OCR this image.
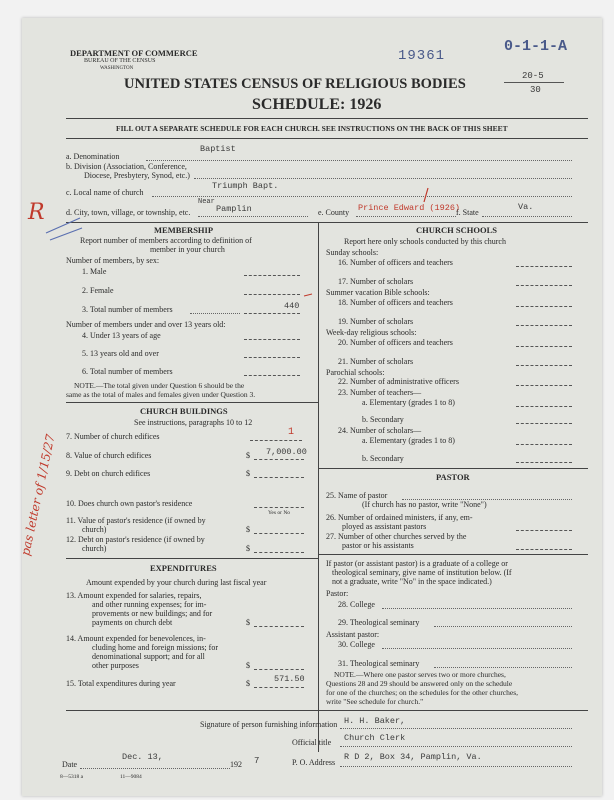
DEPARTMENT OF COMMERCE
BUREAU OF THE CENSUS
WASHINGTON
19361
0-1-1-A
20-5
30
UNITED STATES CENSUS OF RELIGIOUS BODIES
SCHEDULE: 1926
FILL OUT A SEPARATE SCHEDULE FOR EACH CHURCH. SEE INSTRUCTIONS ON THE BACK OF THIS SHEET
Baptist
a. Denomination
b. Division (Association, Conference,
Diocese, Presbytery, Synod, etc.)
Triumph Bapt.
c. Local name of church
R	Near
Pamplin
d. City, town, village, or township, etc.	e. County Prince Edward (1926)
f. State
Va.
MEMBERSHIP
Report number of members according to definition of
member in your church
Number of members, by sex:
1. Male
2. Female
3. Total number of members	440
Number of members under and over 13 years old:
4. Under 13 years of age
5. 13 years old and over
6. Total number of members
NOTE.—The total given under Question 6 should be the
same as the total of males and females given under Question 3.
CHURCH BUILDINGS
See instructions, paragraphs 10 to 12
7. Number of church edifices	1
8. Value of church edifices	$ 7,000.00
9. Debt on church edifices	$
10. Does church own pastor's residence
Yes or No
11. Value of pastor's residence (if owned by
church)	$
12. Debt on pastor's residence (if owned by
church)	$
EXPENDITURES
Amount expended by your church during last fiscal year
13. Amount expended for salaries, repairs,
and other running expenses; for im-
provements or new buildings; and for
payments on church debt	$
14. Amount expended for benevolences, in-
cluding home and foreign missions; for
denominational support; and for all
other purposes	$
15. Total expenditures during year	$	571.50
CHURCH SCHOOLS
Report here only schools conducted by this church
Sunday schools:
16. Number of officers and teachers
17. Number of scholars
Summer vacation Bible schools:
18. Number of officers and teachers
19. Number of scholars
Week-day religious schools:
20. Number of officers and teachers
21. Number of scholars
Parochial schools:
22. Number of administrative officers
23. Number of teachers—
a. Elementary (grades 1 to 8)
b. Secondary
24. Number of scholars—
a. Elementary (grades 1 to 8)
b. Secondary
PASTOR
25. Name of pastor
(If church has no pastor, write "None")
26. Number of ordained ministers, if any, em-
ployed as assistant pastors
27. Number of other churches served by the
pastor or his assistants
If pastor (or assistant pastor) is a graduate of a college or
theological seminary, give name of institution below. (If
not a graduate, write "No" in the space indicated.)
Pastor:
28. College
29. Theological seminary
Assistant pastor:
30. College
31. Theological seminary
NOTE.—Where one pastor serves two or more churches,
Questions 28 and 29 should be answered only on the schedule
for one of the churches; on the schedules for the other churches,
write "See schedule for church."
Signature of person furnishing information H. H. Baker,
Official title Church Clerk
Date
Dec. 13,
192 7	P. O. Address
R D 2, Box 34, Pamplin, Va.
8—5318 a	11—9084
pas letter of 1/15/27
